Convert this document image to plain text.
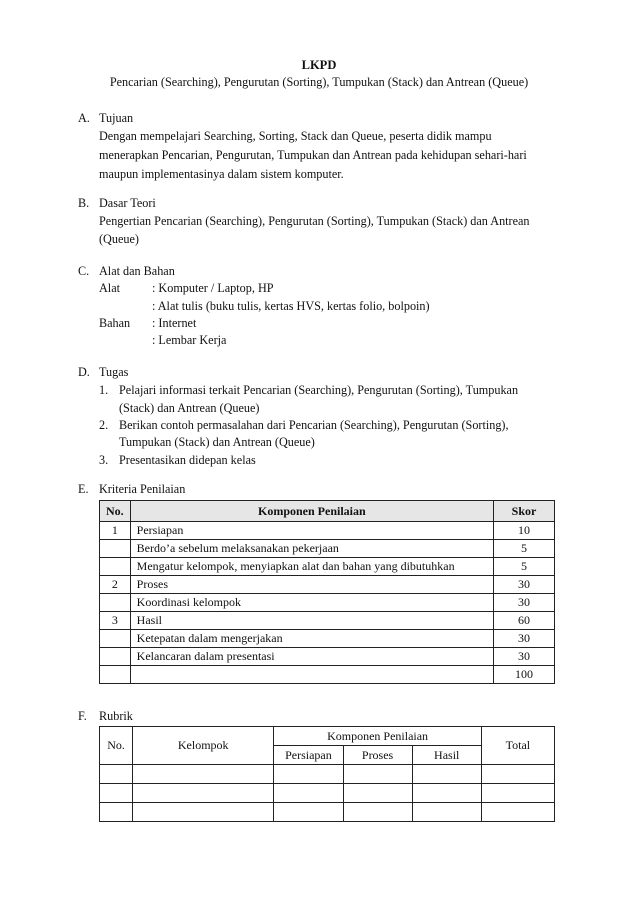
LKPD
Pencarian (Searching), Pengurutan (Sorting), Tumpukan (Stack) dan Antrean (Queue)
A. Tujuan
Dengan mempelajari Searching, Sorting, Stack dan Queue, peserta didik mampu
menerapkan Pencarian, Pengurutan, Tumpukan dan Antrean pada kehidupan sehari-hari
maupun implementasinya dalam sistem komputer.
B. Dasar Teori
Pengertian Pencarian (Searching), Pengurutan (Sorting), Tumpukan (Stack) dan Antrean
(Queue)
C. Alat dan Bahan
Alat	: Komputer / Laptop, HP
: Alat tulis (buku tulis, kertas HVS, kertas folio, bolpoin)
Bahan : Internet
: Lembar Kerja
D. Tugas
1. Pelajari informasi terkait Pencarian (Searching), Pengurutan (Sorting), Tumpukan
(Stack) dan Antrean (Queue)
2. Berikan contoh permasalahan dari Pencarian (Searching), Pengurutan (Sorting),
Tumpukan (Stack) dan Antrean (Queue)
3. Presentasikan didepan kelas
E. Kriteria Penilaian
No.	Komponen Penilaian	Skor
1	Persiapan	10
	Berdo’a sebelum melaksanakan pekerjaan	5
	Mengatur kelompok, menyiapkan alat dan bahan yang dibutuhkan	5
2	Proses	30
	Koordinasi kelompok	30
3	Hasil	60
	Ketepatan dalam mengerjakan	30
	Kelancaran dalam presentasi	30
		100
F. Rubrik
No.	Kelompok	Komponen Penilaian			Total
		Persiapan	Proses	Hasil	
